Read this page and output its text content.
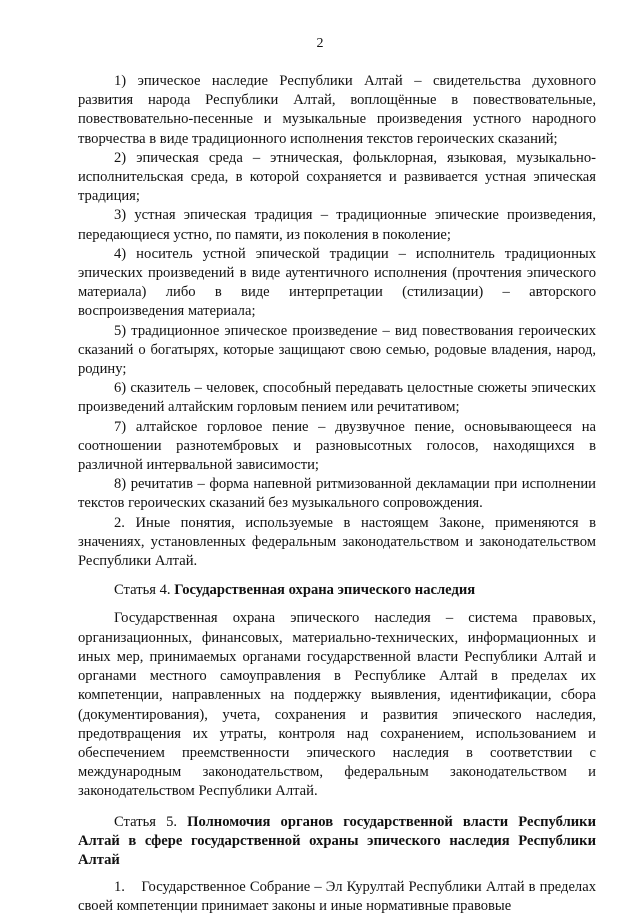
2

1) эпическое наследие Республики Алтай – свидетельства духовного развития народа Республики Алтай, воплощённые в повествовательные, повествовательно-песенные и музыкальные произведения устного народного творчества в виде традиционного исполнения текстов героических сказаний;

2) эпическая среда – этническая, фольклорная, языковая, музыкально-исполнительская среда, в которой сохраняется и развивается устная эпическая традиция;

3) устная эпическая традиция – традиционные эпические произведения, передающиеся устно, по памяти, из поколения в поколение;

4) носитель устной эпической традиции – исполнитель традиционных эпических произведений в виде аутентичного исполнения (прочтения эпического материала) либо в виде интерпретации (стилизации) – авторского воспроизведения материала;

5) традиционное эпическое произведение – вид повествования героических сказаний о богатырях, которые защищают свою семью, родовые владения, народ, родину;

6) сказитель – человек, способный передавать целостные сюжеты эпических произведений алтайским горловым пением или речитативом;

7) алтайское горловое пение – двузвучное пение, основывающееся на соотношении разнотембровых и разновысотных голосов, находящихся в различной интервальной зависимости;

8) речитатив – форма напевной ритмизованной декламации при исполнении текстов героических сказаний без музыкального сопровождения.

2. Иные понятия, используемые в настоящем Законе, применяются в значениях, установленных федеральным законодательством и законодательством Республики Алтай.

Статья 4. Государственная охрана эпического наследия

Государственная охрана эпического наследия – система правовых, организационных, финансовых, материально-технических, информационных и иных мер, принимаемых органами государственной власти Республики Алтай и органами местного самоуправления в Республике Алтай в пределах их компетенции, направленных на поддержку выявления, идентификации, сбора (документирования), учета, сохранения и развития эпического наследия, предотвращения их утраты, контроля над сохранением, использованием и обеспечением преемственности эпического наследия в соответствии с международным законодательством, федеральным законодательством и законодательством Республики Алтай.

Статья 5. Полномочия органов государственной власти Республики Алтай в сфере государственной охраны эпического наследия Республики Алтай

1.    Государственное Собрание – Эл Курултай Республики Алтай в пределах своей компетенции принимает законы и иные нормативные правовые
